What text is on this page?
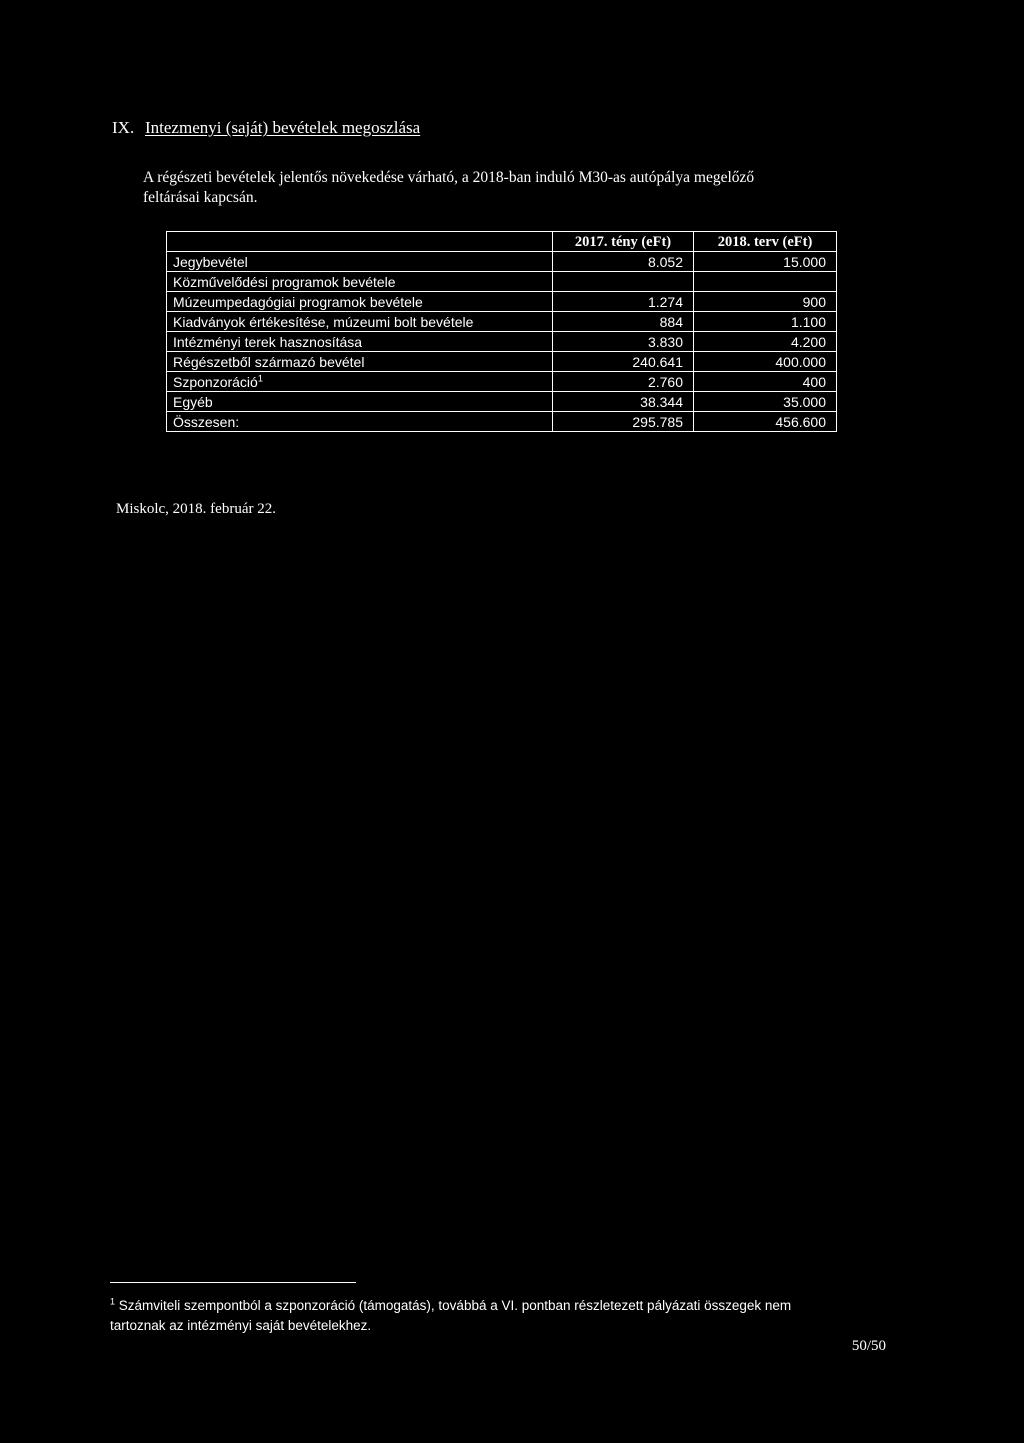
IX. Intezmenyi (saját) bevételek megoszlása

A régészeti bevételek jelentős növekedése várható, a 2018-ban induló M30-as autópálya megelőző

feltárásai kapcsán.

	2017. tény (eFt)	2018. terv (eFt)
Jegybevétel	8.052	15.000
Közművelődési programok bevétele		
Múzeumpedagógiai programok bevétele	1.274	900
Kiadványok értékesítése, múzeumi bolt bevétele	884	1.100
Intézményi terek hasznosítása	3.830	4.200
Régészetből származó bevétel	240.641	400.000
Szponzoráció$^1$	2.760	400
Egyéb	38.344	35.000
Összesen:	295.785	456.600
Miskolc, 2018. február 22.
$^1$ Számviteli szempontból a szponzoráció (támogatás), továbbá a VI. pontban részletezett pályázati összegek nem
tartoznak az intézményi saját bevételekhez.
50/50
